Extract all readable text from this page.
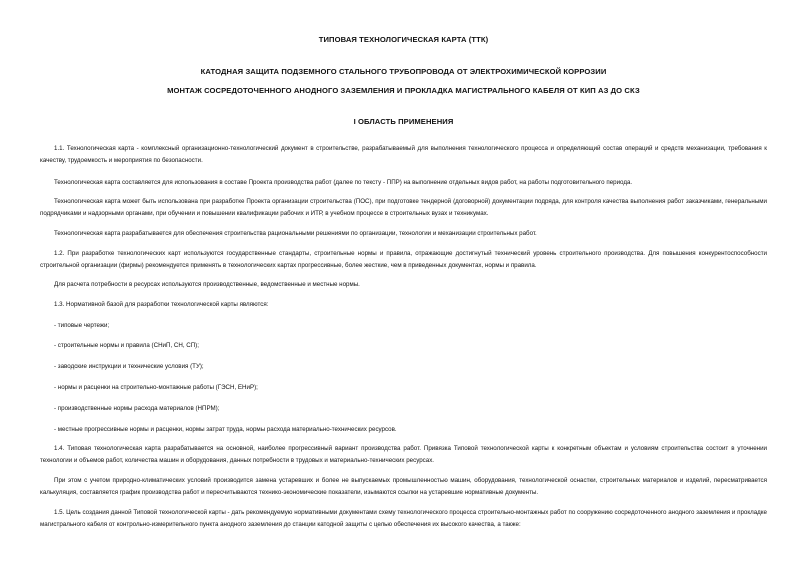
ТИПОВАЯ ТЕХНОЛОГИЧЕСКАЯ КАРТА (ТТК)
КАТОДНАЯ ЗАЩИТА ПОДЗЕМНОГО СТАЛЬНОГО ТРУБОПРОВОДА ОТ ЭЛЕКТРОХИМИЧЕСКОЙ КОРРОЗИИ
МОНТАЖ СОСРЕДОТОЧЕННОГО АНОДНОГО ЗАЗЕМЛЕНИЯ И ПРОКЛАДКА МАГИСТРАЛЬНОГО КАБЕЛЯ ОТ КИП АЗ ДО СКЗ
I ОБЛАСТЬ ПРИМЕНЕНИЯ

1.1. Технологическая карта - комплексный организационно-технологический документ в строительстве, разрабатываемый для выполнения технологического процесса и определяющий состав операций и средств механизации, требования к качеству, трудоемкость и мероприятия по безопасности.

Технологическая карта составляется для использования в составе Проекта производства работ (далее по тексту - ППР) на выполнение отдельных видов работ, на работы подготовительного периода.

Технологическая карта может быть использована при разработке Проекта организации строительства (ПОС), при подготовке тендерной (договорной) документации подряда, для контроля качества выполнения работ заказчиками, генеральными подрядчиками и надзорными органами, при обучении и повышении квалификации рабочих и ИТР, в учебном процессе в строительных вузах и техникумах.

Технологическая карта разрабатывается для обеспечения строительства рациональными решениями по организации, технологии и механизации строительных работ.

1.2. При разработке технологических карт используются государственные стандарты, строительные нормы и правила, отражающие достигнутый технический уровень строительного производства. Для повышения конкурентоспособности строительной организации (фирмы) рекомендуется применять в технологических картах прогрессивные, более жесткие, чем в приведенных документах, нормы и правила.

Для расчета потребности в ресурсах используются производственные, ведомственные и местные нормы.

1.3. Нормативной базой для разработки технологической карты являются:

- типовые чертежи;

- строительные нормы и правила (СНиП, СН, СП);

- заводские инструкции и технические условия (ТУ);

- нормы и расценки на строительно-монтажные работы (ГЭСН, ЕНиР);

- производственные нормы расхода материалов (НПРМ);

- местные прогрессивные нормы и расценки, нормы затрат труда, нормы расхода материально-технических ресурсов.

1.4. Типовая технологическая карта разрабатывается на основной, наиболее прогрессивный вариант производства работ. Привязка Типовой технологической карты к конкретным объектам и условиям строительства состоит в уточнении технологии и объемов работ, количества машин и оборудования, данных потребности в трудовых и материально-технических ресурсах.

При этом с учетом природно-климатических условий производится замена устаревших и более не выпускаемых промышленностью машин, оборудования, технологической оснастки, строительных материалов и изделий, пересматривается калькуляция, составляется график производства работ и пересчитываются технико-экономические показатели, изымаются ссылки на устаревшие нормативные документы.

1.5. Цель создания данной Типовой технологической карты - дать рекомендуемую нормативными документами схему технологического процесса строительно-монтажных работ по сооружению сосредоточенного анодного заземления и прокладке магистрального кабеля от контрольно-измерительного пункта анодного заземления до станции катодной защиты с целью обеспечения их высокого качества, а также:
